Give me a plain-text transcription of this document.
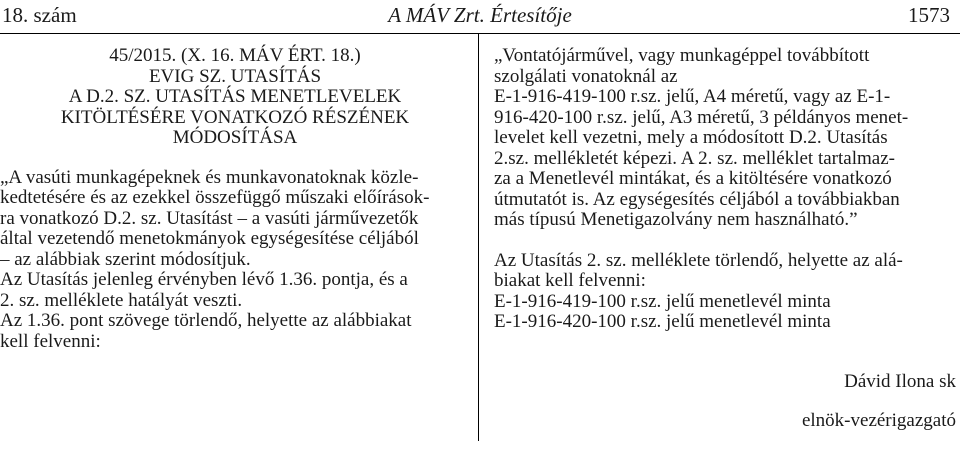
A MÁV Zrt. Értesítője
18. szám	1573

45/2015. (X. 16. MÁV ÉRT. 18.)

EVIG SZ. UTASÍTÁS

A D.2. SZ. UTASÍTÁS MENETLEVELEK

KITÖLTÉSÉRE VONATKOZÓ RÉSZÉNEK

MÓDOSÍTÁSA

„A vasúti munkagépeknek és munkavonatoknak közle-

kedtetésére és az ezekkel összefüggő műszaki előírások-

ra vonatkozó D.2. sz. Utasítást – a vasúti járművezetők

által vezetendő menetokmányok egységesítése céljából

– az alábbiak szerint módosítjuk.

Az Utasítás jelenleg érvényben lévő 1.36. pontja, és a

2. sz. melléklete hatályát veszti.

Az 1.36. pont szövege törlendő, helyette az alábbiakat

kell felvenni:

„Vontatójárművel, vagy munkagéppel továbbított

szolgálati vonatoknál az

E-1-916-419-100 r.sz. jelű, A4 méretű, vagy az E-1-

916-420-100 r.sz. jelű, A3 méretű, 3 példányos menet-

levelet kell vezetni, mely a módosított D.2. Utasítás

2.sz. mellékletét képezi. A 2. sz. melléklet tartalmaz-

za a Menetlevél mintákat, és a kitöltésére vonatkozó

útmutatót is. Az egységesítés céljából a továbbiakban

más típusú Menetigazolvány nem használható.”

Az Utasítás 2. sz. melléklete törlendő, helyette az alá-

biakat kell felvenni:

E-1-916-419-100 r.sz. jelű menetlevél minta

E-1-916-420-100 r.sz. jelű menetlevél minta

Dávid Ilona sk

elnök-vezérigazgató
